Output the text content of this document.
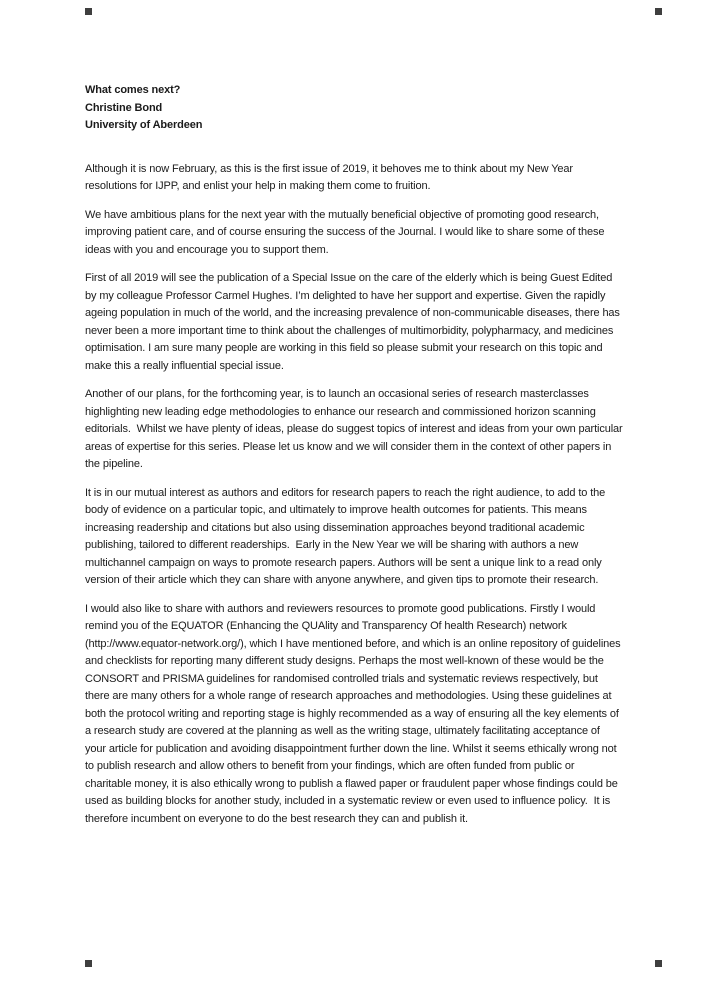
What comes next?
Christine Bond
University of Aberdeen

Although it is now February, as this is the first issue of 2019, it behoves me to think about my New Year resolutions for IJPP, and enlist your help in making them come to fruition.

We have ambitious plans for the next year with the mutually beneficial objective of promoting good research, improving patient care, and of course ensuring the success of the Journal. I would like to share some of these ideas with you and encourage you to support them.

First of all 2019 will see the publication of a Special Issue on the care of the elderly which is being Guest Edited by my colleague Professor Carmel Hughes. I’m delighted to have her support and expertise. Given the rapidly ageing population in much of the world, and the increasing prevalence of non-communicable diseases, there has never been a more important time to think about the challenges of multimorbidity, polypharmacy, and medicines optimisation. I am sure many people are working in this field so please submit your research on this topic and make this a really influential special issue.

Another of our plans, for the forthcoming year, is to launch an occasional series of research masterclasses highlighting new leading edge methodologies to enhance our research and commissioned horizon scanning editorials.  Whilst we have plenty of ideas, please do suggest topics of interest and ideas from your own particular areas of expertise for this series. Please let us know and we will consider them in the context of other papers in the pipeline.

It is in our mutual interest as authors and editors for research papers to reach the right audience, to add to the body of evidence on a particular topic, and ultimately to improve health outcomes for patients. This means increasing readership and citations but also using dissemination approaches beyond traditional academic publishing, tailored to different readerships.  Early in the New Year we will be sharing with authors a new multichannel campaign on ways to promote research papers. Authors will be sent a unique link to a read only version of their article which they can share with anyone anywhere, and given tips to promote their research.

I would also like to share with authors and reviewers resources to promote good publications. Firstly I would remind you of the EQUATOR (Enhancing the QUAlity and Transparency Of health Research) network (http://www.equator-network.org/), which I have mentioned before, and which is an online repository of guidelines and checklists for reporting many different study designs. Perhaps the most well-known of these would be the CONSORT and PRISMA guidelines for randomised controlled trials and systematic reviews respectively, but there are many others for a whole range of research approaches and methodologies. Using these guidelines at both the protocol writing and reporting stage is highly recommended as a way of ensuring all the key elements of a research study are covered at the planning as well as the writing stage, ultimately facilitating acceptance of your article for publication and avoiding disappointment further down the line. Whilst it seems ethically wrong not to publish research and allow others to benefit from your findings, which are often funded from public or charitable money, it is also ethically wrong to publish a flawed paper or fraudulent paper whose findings could be used as building blocks for another study, included in a systematic review or even used to influence policy.  It is therefore incumbent on everyone to do the best research they can and publish it.
